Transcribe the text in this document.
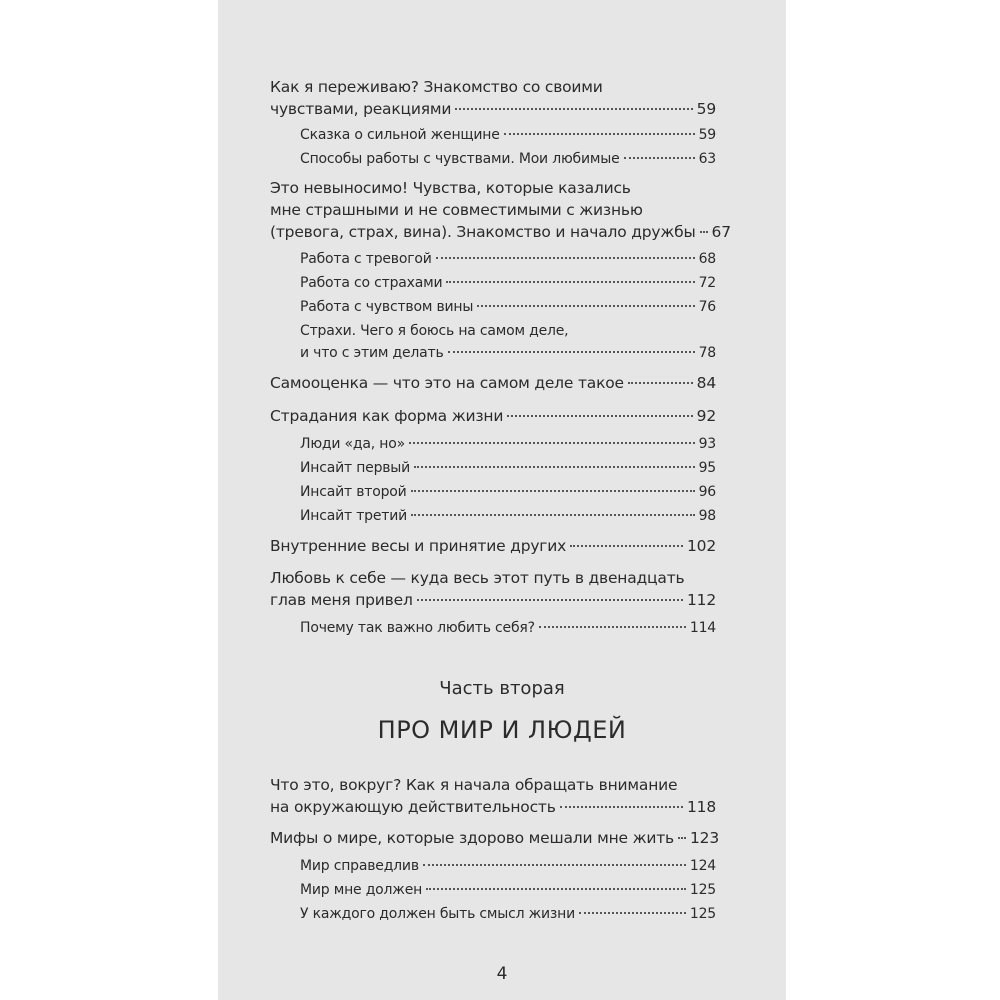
Как я переживаю? Знакомство со своими
чувствами, реакциями	59
Сказка о сильной женщине	59
Способы работы с чувствами. Мои любимые	63
Это невыносимо! Чувства, которые казались
мне страшными и не совместимыми с жизнью
(тревога, страх, вина). Знакомство и начало дружбы 67
Работа с тревогой	68
Работа со страхами	72
Работа с чувством вины	76
Страхи. Чего я боюсь на самом деле,
и что с этим делать	78
Самооценка — что это на самом деле такое	84
Страдания как форма жизни	92
Люди «да, но»	93
Инсайт первый	95
Инсайт второй	96
Инсайт третий	98
Внутренние весы и принятие других	102
Любовь к себе — куда весь этот путь в двенадцать
глав меня привел	112
Почему так важно любить себя?	114
Что это, вокруг? Как я начала обращать внимание
на окружающую действительность	118
Мифы о мире, которые здорово мешали мне жить 123
Мир справедлив	124
Мир мне должен	125
У каждого должен быть смысл жизни	125
Часть вторая
ПРО МИР И ЛЮДЕЙ
4
